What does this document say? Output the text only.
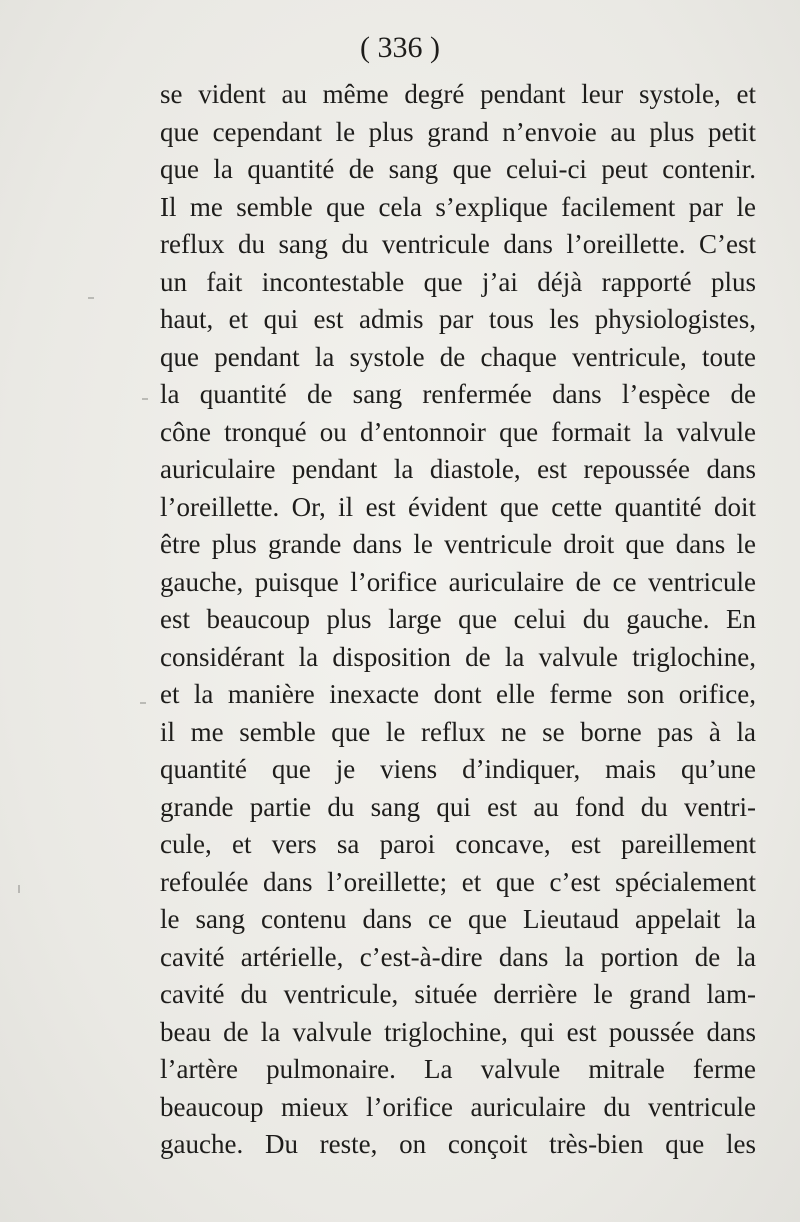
( 336 )
se vident au même degré pendant leur systole, et
que cependant le plus grand n’envoie au plus petit
que la quantité de sang que celui-ci peut contenir.
Il me semble que cela s’explique facilement par le
reflux du sang du ventricule dans l’oreillette. C’est
un fait incontestable que j’ai déjà rapporté plus
haut, et qui est admis par tous les physiologistes,
que pendant la systole de chaque ventricule, toute
la quantité de sang renfermée dans l’espèce de
cône tronqué ou d’entonnoir que formait la valvule
auriculaire pendant la diastole, est repoussée dans
l’oreillette. Or, il est évident que cette quantité doit
être plus grande dans le ventricule droit que dans le
gauche, puisque l’orifice auriculaire de ce ventricule
est beaucoup plus large que celui du gauche. En
considérant la disposition de la valvule triglochine,
et la manière inexacte dont elle ferme son orifice,
il me semble que le reflux ne se borne pas à la
quantité que je viens d’indiquer, mais qu’une
grande partie du sang qui est au fond du ventri-
cule, et vers sa paroi concave, est pareillement
refoulée dans l’oreillette; et que c’est spécialement
le sang contenu dans ce que Lieutaud appelait la
cavité artérielle, c’est-à-dire dans la portion de la
cavité du ventricule, située derrière le grand lam-
beau de la valvule triglochine, qui est poussée dans
l’artère pulmonaire. La valvule mitrale ferme
beaucoup mieux l’orifice auriculaire du ventricule
gauche. Du reste, on conçoit très-bien que les
